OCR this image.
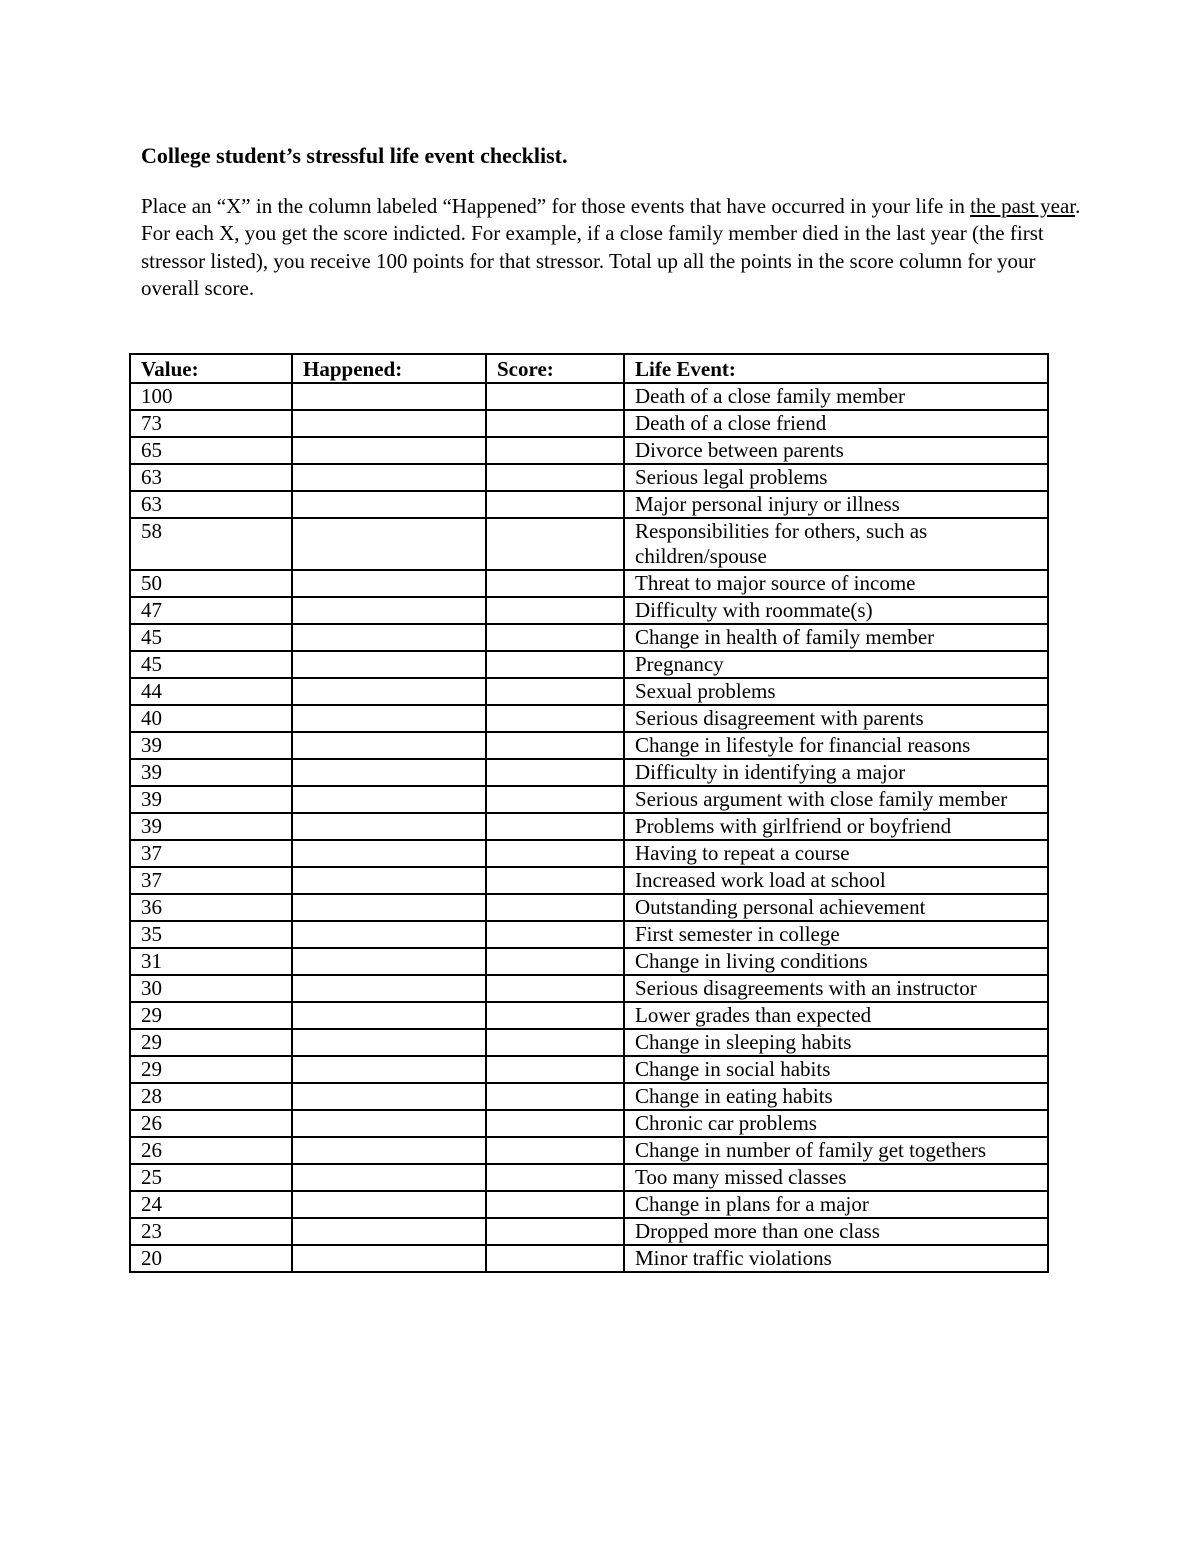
College student’s stressful life event checklist.

Place an “X” in the column labeled “Happened” for those events that have occurred in your life in the past year. For each X, you get the score indicted. For example, if a close family member died in the last year (the first stressor listed), you receive 100 points for that stressor. Total up all the points in the score column for your overall score.

Value:	Happened:	Score:	Life Event:
100			Death of a close family member
73			Death of a close friend
65			Divorce between parents
63			Serious legal problems
63			Major personal injury or illness
58			Responsibilities for others, such as children/spouse
50			Threat to major source of income
47			Difficulty with roommate(s)
45			Change in health of family member
45			Pregnancy
44			Sexual problems
40			Serious disagreement with parents
39			Change in lifestyle for financial reasons
39			Difficulty in identifying a major
39			Serious argument with close family member
39			Problems with girlfriend or boyfriend
37			Having to repeat a course
37			Increased work load at school
36			Outstanding personal achievement
35			First semester in college
31			Change in living conditions
30			Serious disagreements with an instructor
29			Lower grades than expected
29			Change in sleeping habits
29			Change in social habits
28			Change in eating habits
26			Chronic car problems
26			Change in number of family get togethers
25			Too many missed classes
24			Change in plans for a major
23			Dropped more than one class
20			Minor traffic violations
